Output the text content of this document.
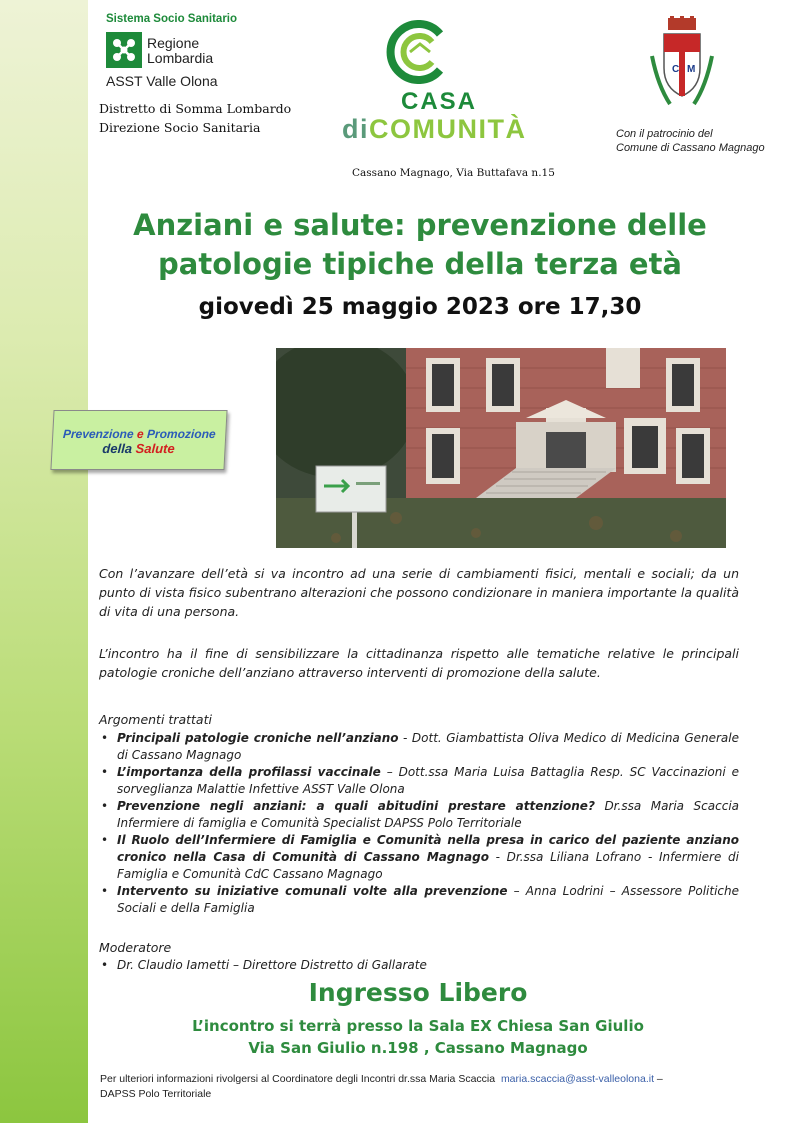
Sistema Socio Sanitario
Regione
Lombardia
ASST Valle Olona
Distretto di Somma Lombardo
Direzione Socio Sanitaria
CASA
diCOMUNITÀ
Cassano Magnago, Via Buttafava n.15
C M
Con il patrocinio del
Comune di Cassano Magnago
Anziani e salute: prevenzione delle
patologie tipiche della terza età
giovedì 25 maggio 2023 ore 17,30
Prevenzione e Promozione
della Salute
Con l’avanzare dell’età si va incontro ad una serie di cambiamenti fisici, mentali e sociali; da un punto di vista fisico subentrano alterazioni che possono condizionare in maniera importante la qualità di vita di una persona.
L’incontro ha il fine di sensibilizzare la cittadinanza rispetto alle tematiche relative le principali patologie croniche dell’anziano attraverso interventi di promozione della salute.
Argomenti trattati
• Principali patologie croniche nell’anziano - Dott. Giambattista Oliva Medico di Medicina Generale di Cassano Magnago
• L’importanza della profilassi vaccinale – Dott.ssa Maria Luisa Battaglia Resp. SC Vaccinazioni e sorveglianza Malattie Infettive ASST Valle Olona
• Prevenzione negli anziani: a quali abitudini prestare attenzione? Dr.ssa Maria Scaccia Infermiere di famiglia e Comunità Specialist DAPSS Polo Territoriale
• Il Ruolo dell’Infermiere di Famiglia e Comunità nella presa in carico del paziente anziano cronico nella Casa di Comunità di Cassano Magnago - Dr.ssa Liliana Lofrano - Infermiere di Famiglia e Comunità CdC Cassano Magnago
• Intervento su iniziative comunali volte alla prevenzione – Anna Lodrini – Assessore Politiche Sociali e della Famiglia
Moderatore
• Dr. Claudio Iametti – Direttore Distretto di Gallarate
Ingresso Libero
L’incontro si terrà presso la Sala EX Chiesa San Giulio
Via San Giulio n.198 , Cassano Magnago
Per ulteriori informazioni rivolgersi al Coordinatore degli Incontri dr.ssa Maria Scaccia maria.scaccia@asst-valleolona.it –
DAPSS Polo Territoriale
